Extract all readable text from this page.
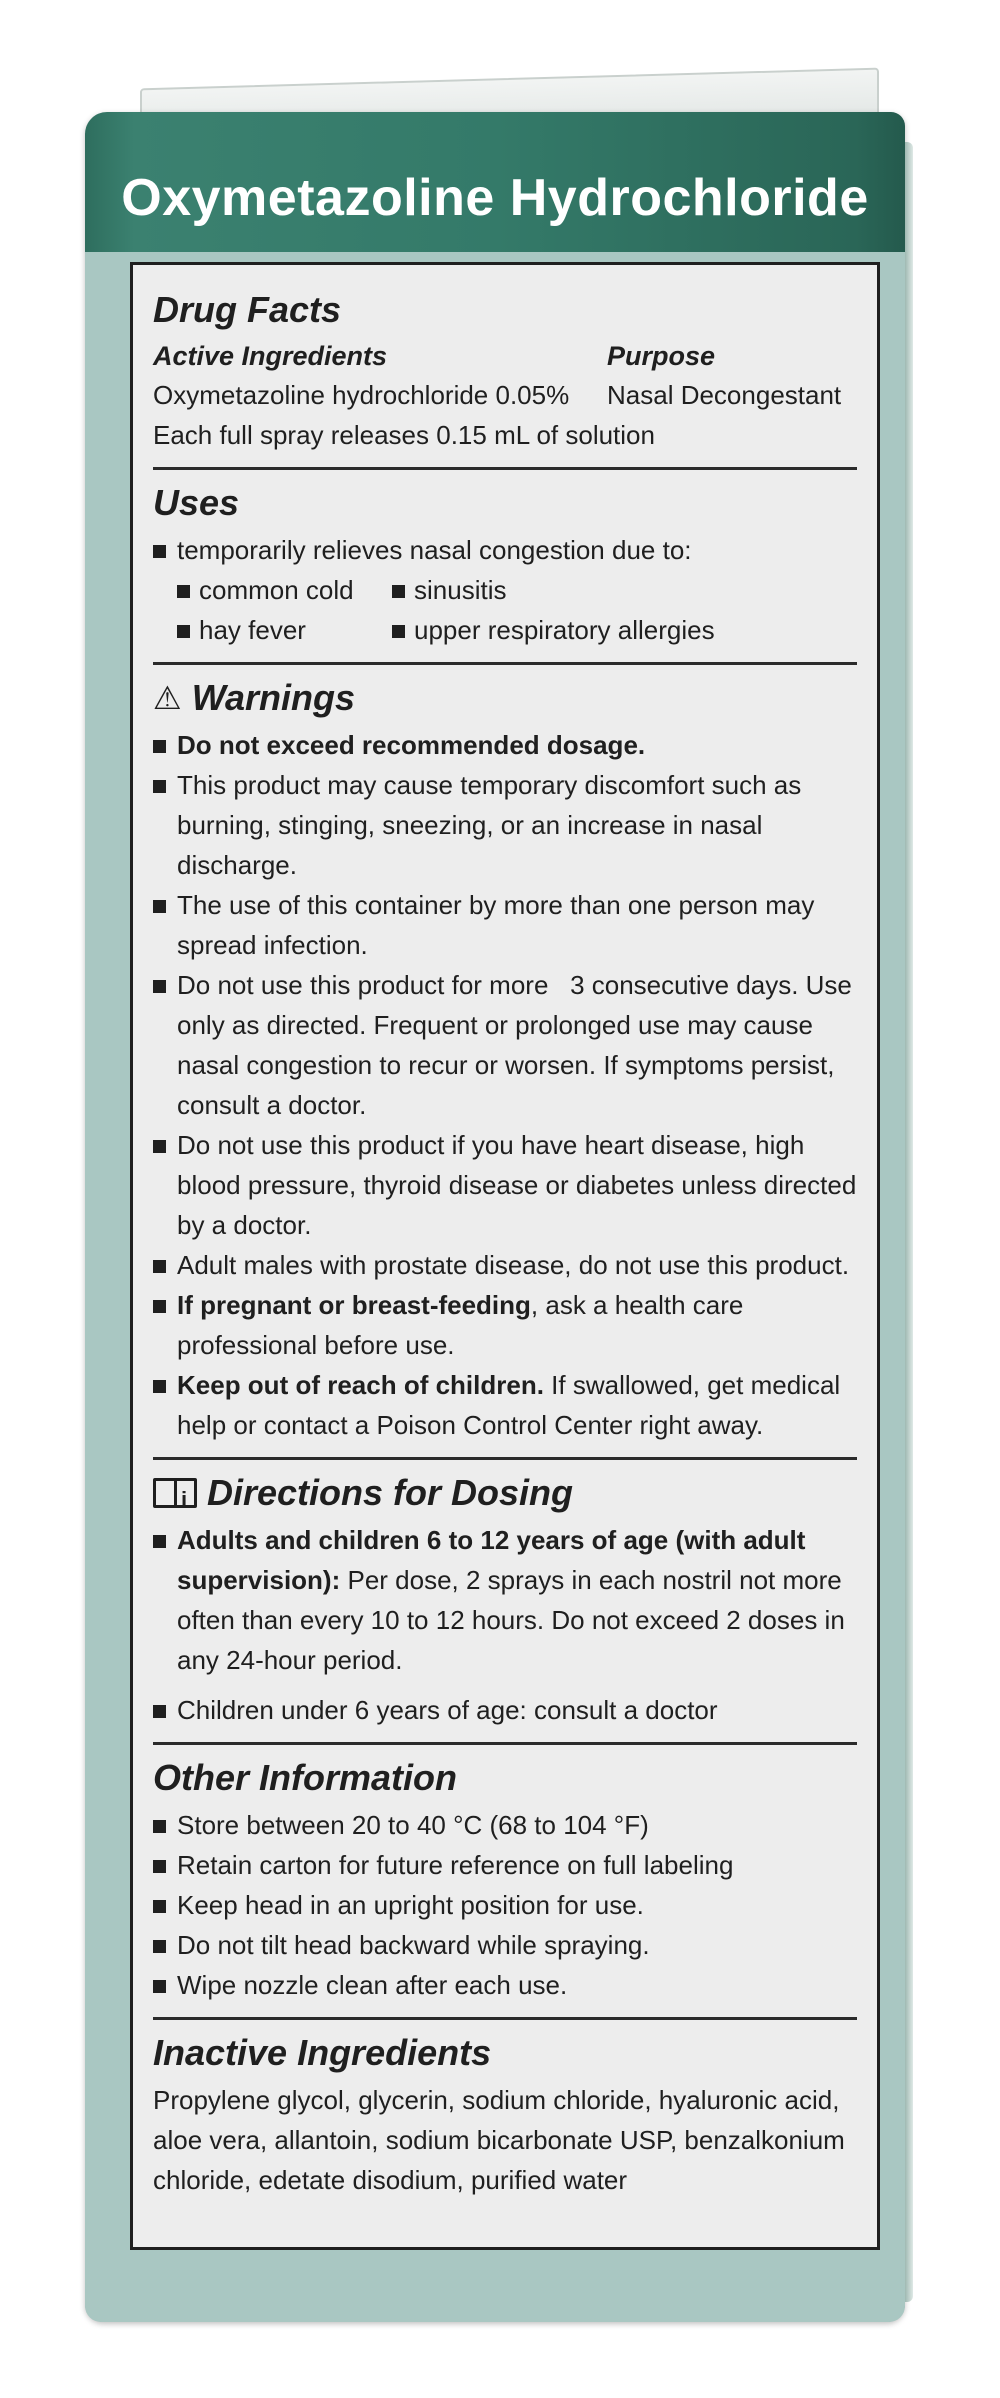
Oxymetazoline Hydrochloride
Drug Facts
Active Ingredients	Purpose
Oxymetazoline hydrochloride 0.05% Nasal Decongestant
Each full spray releases 0.15 mL of solution
Uses
temporarily relieves nasal congestion due to:
common cold	sinusitis
hay fever	upper respiratory allergies
⚠ Warnings
Do not exceed recommended dosage.
This product may cause temporary discomfort such as burning, stinging, sneezing, or an increase in nasal discharge.
The use of this container by more than one person may spread infection.
Do not use this product for more   3 consecutive days. Use only as directed. Frequent or prolonged use may cause nasal congestion to recur or worsen. If symptoms persist, consult a doctor.
Do not use this product if you have heart disease, high blood pressure, thyroid disease or diabetes unless directed by a doctor.
Adult males with prostate disease, do not use this product.
If pregnant or breast-feeding, ask a health care professional before use.
Keep out of reach of children. If swallowed, get medical help or contact a Poison Control Center right away.
i
Directions for Dosing
Adults and children 6 to 12 years of age (with adult supervision): Per dose, 2 sprays in each nostril not more often than every 10 to 12 hours. Do not exceed 2 doses in any 24-hour period.
Children under 6 years of age: consult a doctor
Other Information
Store between 20 to 40 °C (68 to 104 °F)
Retain carton for future reference on full labeling
Keep head in an upright position for use.
Do not tilt head backward while spraying.
Wipe nozzle clean after each use.
Inactive Ingredients

Propylene glycol, glycerin, sodium chloride, hyaluronic acid, aloe vera, allantoin, sodium bicarbonate USP, benzalkonium chloride, edetate disodium, purified water
